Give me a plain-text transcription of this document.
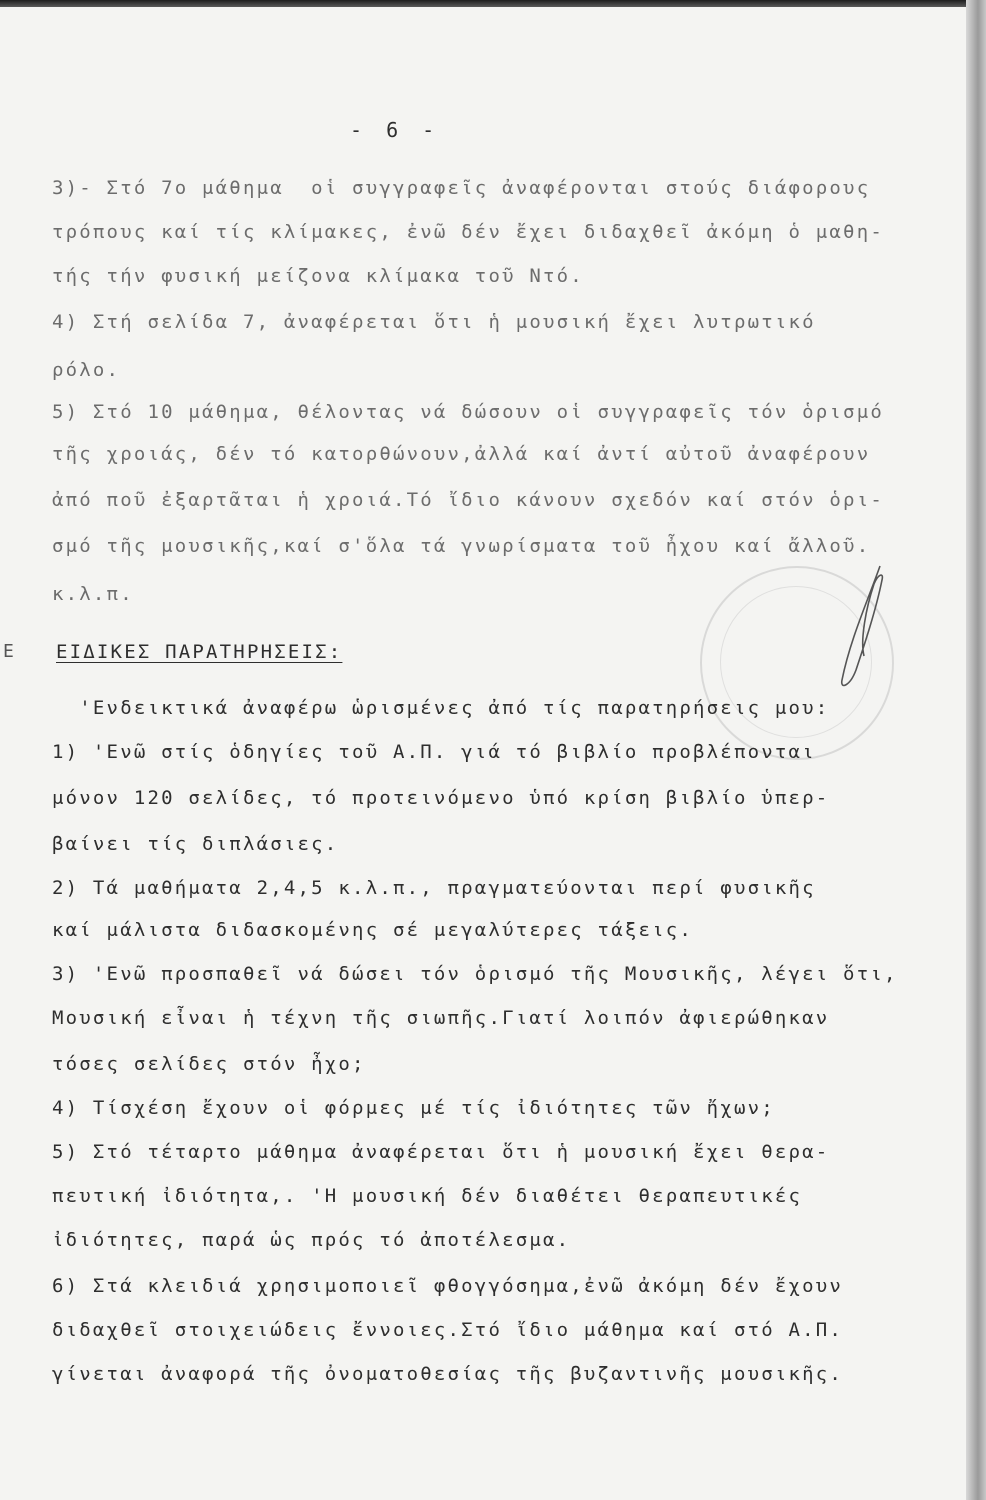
- 6 -

3)- Στό 7ο μάθημα  οἱ συγγραφεῖς ἀναφέρονται στούς διάφορους

τρόπους καί τίς κλίμακες, ἐνῶ δέν ἔχει διδαχθεῖ ἀκόμη ὁ μαθη-

τής τήν φυσική μείζονα κλίμακα τοῦ Ντό.

4) Στή σελίδα 7, ἀναφέρεται ὅτι ἡ μουσική ἔχει λυτρωτικό

ρόλο.

5) Στό 10 μάθημα, θέλοντας νά δώσουν οἱ συγγραφεῖς τόν ὁρισμό

τῆς χροιάς, δέν τό κατορθώνουν,ἀλλά καί ἀντί αὐτοῦ ἀναφέρουν

ἀπό ποῦ ἐξαρτᾶται ἡ χροιά.Τό ἴδιο κάνουν σχεδόν καί στόν ὁρι-

σμό τῆς μουσικῆς,καί σ'ὅλα τά γνωρίσματα τοῦ ἦχου καί ἄλλοῦ.

κ.λ.π.

Ε ΕΙΔΙΚΕΣ ΠΑΡΑΤΗΡΗΣΕΙΣ:

'Ενδεικτικά ἀναφέρω ὡρισμένες ἀπό τίς παρατηρήσεις μου:

1) 'Ενῶ στίς ὁδηγίες τοῦ Α.Π. γιά τό βιβλίο προβλέπονται

μόνον 120 σελίδες, τό προτεινόμενο ὑπό κρίση βιβλίο ὑπερ-

βαίνει τίς διπλάσιες.

2) Τά μαθήματα 2,4,5 κ.λ.π., πραγματεύονται περί φυσικῆς

καί μάλιστα διδασκομένης σέ μεγαλύτερες τάξεις.

3) 'Ενῶ προσπαθεῖ νά δώσει τόν ὁρισμό τῆς Μουσικῆς, λέγει ὅτι,

Μουσική εἶναι ἡ τέχνη τῆς σιωπῆς.Γιατί λοιπόν ἀφιερώθηκαν

τόσες σελίδες στόν ἦχο;

4) Τίσχέση ἔχουν οἱ φόρμες μέ τίς ἰδιότητες τῶν ἤχων;

5) Στό τέταρτο μάθημα ἀναφέρεται ὅτι ἡ μουσική ἔχει θερα-

πευτική ἰδιότητα,. 'Η μουσική δέν διαθέτει θεραπευτικές

ἰδιότητες, παρά ὡς πρός τό ἀποτέλεσμα.

6) Στά κλειδιά χρησιμοποιεῖ φθογγόσημα,ἐνῶ ἀκόμη δέν ἔχουν

διδαχθεῖ στοιχειώδεις ἔννοιες.Στό ἴδιο μάθημα καί στό Α.Π.

γίνεται ἀναφορά τῆς ὀνοματοθεσίας τῆς βυζαντινῆς μουσικῆς.
